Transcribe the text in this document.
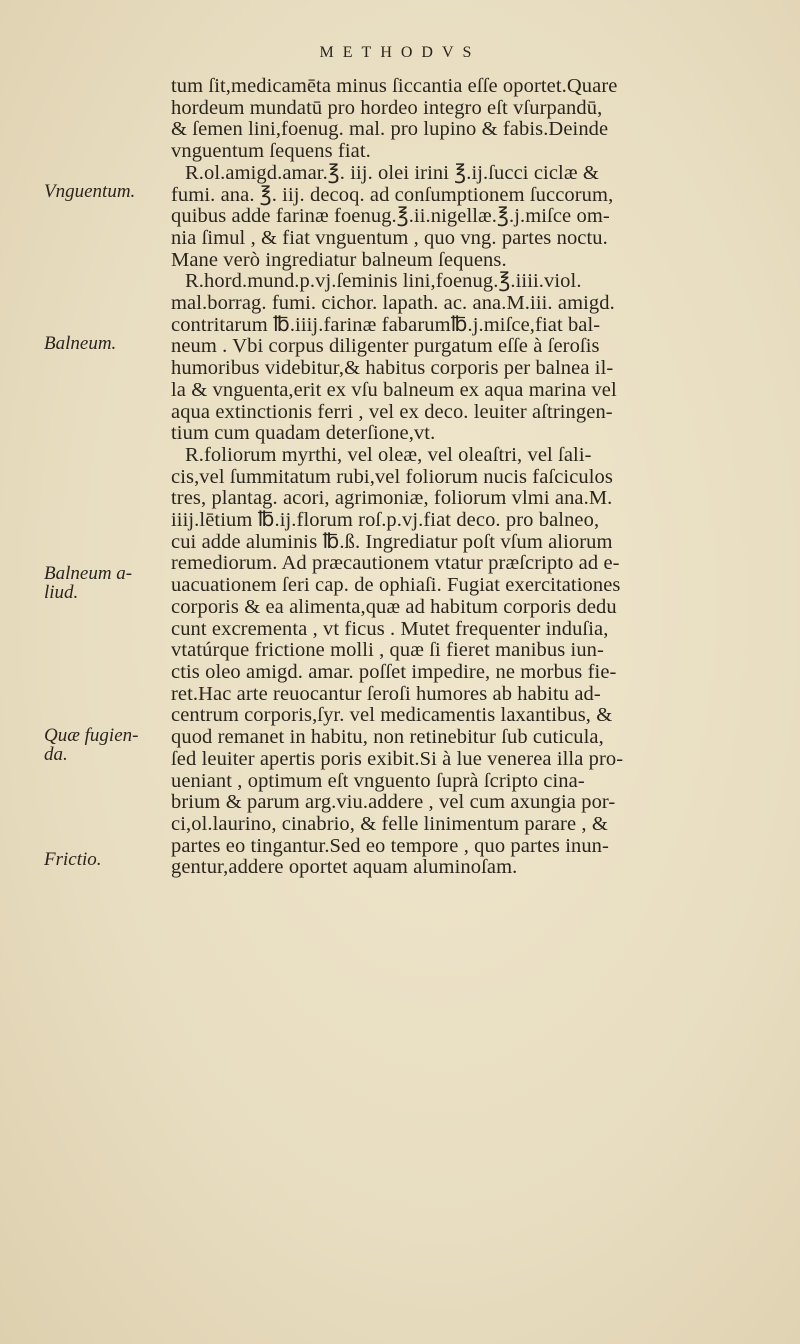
METHODVS
Vnguentum.
Balneum.
Balneum a-
liud.
Quæ fugien-
da.
Frictio.
tum ſit,medicamēta minus ſiccantia eſſe oportet.Quare
hordeum mundatū pro hordeo integro eſt vſurpandū,
& ſemen lini,foenug. mal. pro lupino & fabis.Deinde
vnguentum ſequens fiat.
R.ol.amigd.amar.℥. iij. olei irini ℥.ij.ſucci ciclæ &
fumi. ana. ℥. iij. decoq. ad conſumptionem ſuccorum,
quibus adde farinæ foenug.℥.ii.nigellæ.℥.j.miſce om-
nia ſimul , & fiat vnguentum , quo vng. partes noctu.
Mane verò ingrediatur balneum ſequens.
R.hord.mund.p.vj.ſeminis lini,foenug.℥.iiii.viol.
mal.borrag. fumi. cichor. lapath. ac. ana.M.iii. amigd.
contritarum ℔.iiij.farinæ fabarum℔.j.miſce,fiat bal-
neum . Vbi corpus diligenter purgatum eſſe à ſeroſis
humoribus videbitur,& habitus corporis per balnea il-
la & vnguenta,erit ex vſu balneum ex aqua marina vel
aqua extinctionis ferri , vel ex deco. leuiter aſtringen-
tium cum quadam deterſione,vt.
R.foliorum myrthi, vel oleæ, vel oleaſtri, vel ſali-
cis,vel ſummitatum rubi,vel foliorum nucis faſciculos
tres, plantag. acori, agrimoniæ, foliorum vlmi ana.M.
iiij.lētium ℔.ij.florum roſ.p.vj.fiat deco. pro balneo,
cui adde aluminis ℔.ß. Ingrediatur poſt vſum aliorum
remediorum. Ad præcautionem vtatur præſcripto ad e-
uacuationem ſeri cap. de ophiaſi. Fugiat exercitationes
corporis & ea alimenta,quæ ad habitum corporis dedu
cunt excrementa , vt ficus . Mutet frequenter induſia,
vtatúrque frictione molli , quæ ſi fieret manibus iun-
ctis oleo amigd. amar. poſſet impedire, ne morbus fie-
ret.Hac arte reuocantur ſeroſi humores ab habitu ad-
centrum corporis,ſyr. vel medicamentis laxantibus, &
quod remanet in habitu, non retinebitur ſub cuticula,
ſed leuiter apertis poris exibit.Si à lue venerea illa pro-
ueniant , optimum eſt vnguento ſuprà ſcripto cina-
brium & parum arg.viu.addere , vel cum axungia por-
ci,ol.laurino, cinabrio, & felle linimentum parare , &
partes eo tingantur.Sed eo tempore , quo partes inun-
gentur,addere oportet aquam aluminoſam.
